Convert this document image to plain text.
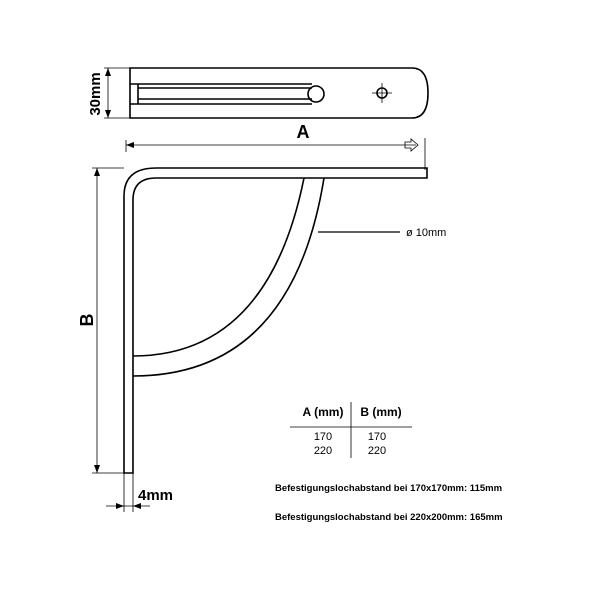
30mm
A
ø 10mm
B
4mm
A (mm) B (mm)
170	170
220	220
Befestigungslochabstand bei 170x170mm: 115mm
Befestigungslochabstand bei 220x200mm: 165mm
